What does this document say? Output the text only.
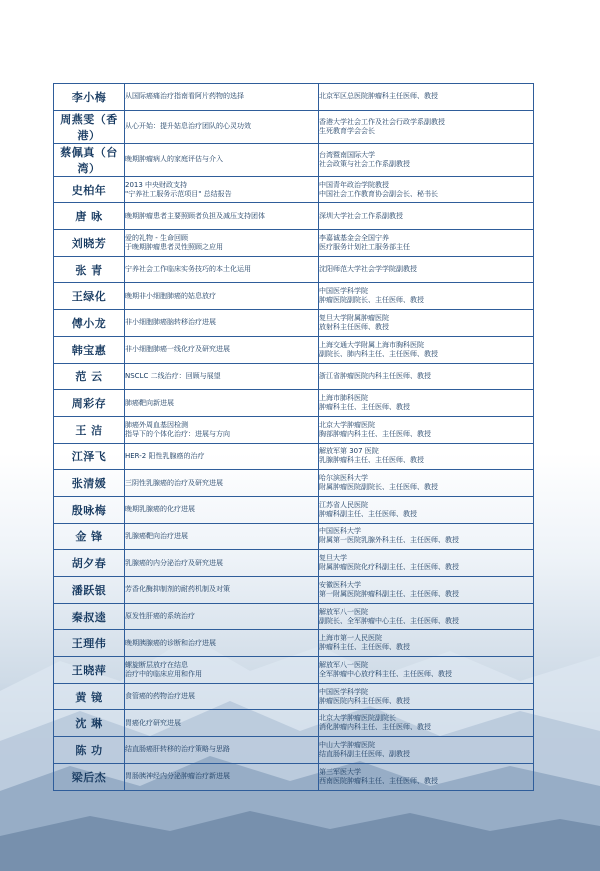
李小梅	从国际癌痛治疗指南看阿片药物的选择	北京军区总医院肿瘤科主任医师、教授

周燕雯（香港）	从心开始：提升姑息治疗团队的心灵功效	香港大学社会工作及社会行政学系副教授
生死教育学会会长

蔡佩真（台湾）	晚期肿瘤病人的家庭评估与介入	台湾暨南国际大学
社会政策与社会工作系副教授

史柏年	2013 中央财政支持
"宁养社工服务示范项目" 总结报告	中国青年政治学院教授
中国社会工作教育协会副会长、秘书长

唐 咏	晚期肿瘤患者主要照顾者负担及减压支持团体	深圳大学社会工作系副教授

刘晓芳	爱的礼物 - 生命回顾
于晚期肿瘤患者灵性照顾之应用	李嘉诚基金会全国宁养
医疗服务计划社工服务部主任

张 青	宁养社会工作临床实务技巧的本土化运用	沈阳师范大学社会学学院副教授

王绿化	晚期非小细胞肺癌的姑息放疗	中国医学科学院
肿瘤医院副院长、主任医师、教授

傅小龙	非小细胞肺癌脑转移治疗进展	复旦大学附属肿瘤医院
放射科主任医师、教授

韩宝惠	非小细胞肺癌一线化疗及研究进展	上海交通大学附属上海市胸科医院
副院长、肺内科主任、主任医师、教授

范 云	NSCLC 二线治疗：回顾与展望	浙江省肿瘤医院内科主任医师、教授

周彩存	肺癌靶向新进展	上海市肺科医院
肿瘤科主任、主任医师、教授

王 洁	肺癌外周血基因检测
指导下的个体化治疗：进展与方向	北京大学肿瘤医院
胸部肿瘤内科主任、主任医师、教授

江泽飞	HER-2 阳性乳腺癌的治疗	解放军第 307 医院
乳腺肿瘤科主任、主任医师、教授

张清媛	三阴性乳腺癌的治疗及研究进展	哈尔滨医科大学
附属肿瘤医院副院长、主任医师、教授

殷咏梅	晚期乳腺癌的化疗进展	江苏省人民医院
肿瘤科副主任、主任医师、教授

金 锋	乳腺癌靶向治疗进展	中国医科大学
附属第一医院乳腺外科主任、主任医师、教授

胡夕春	乳腺癌的内分泌治疗及研究进展	复旦大学
附属肿瘤医院化疗科副主任、主任医师、教授

潘跃银	芳香化酶抑制剂的耐药机制及对策	安徽医科大学
第一附属医院肿瘤科副主任、主任医师、教授

秦叔逵	原发性肝癌的系统治疗	解放军八一医院
副院长、全军肿瘤中心主任、主任医师、教授

王理伟	晚期胰腺癌的诊断和治疗进展	上海市第一人民医院
肿瘤科主任、主任医师、教授

王晓萍	螺旋断层放疗在结息
治疗中的临床应用和作用	解放军八一医院
全军肿瘤中心放疗科主任、主任医师、教授

黄 镜	食管癌的药物治疗进展	中国医学科学院
肿瘤医院内科主任医师、教授

沈 琳	胃癌化疗研究进展	北京大学肿瘤医院副院长
消化肿瘤内科主任、主任医师、教授

陈 功	结直肠癌肝转移的治疗策略与思路	中山大学肿瘤医院
结直肠科副主任医师、副教授

梁后杰	胃肠胰神经内分泌肿瘤治疗新进展	第三军医大学
西南医院肿瘤科主任、主任医师、教授
